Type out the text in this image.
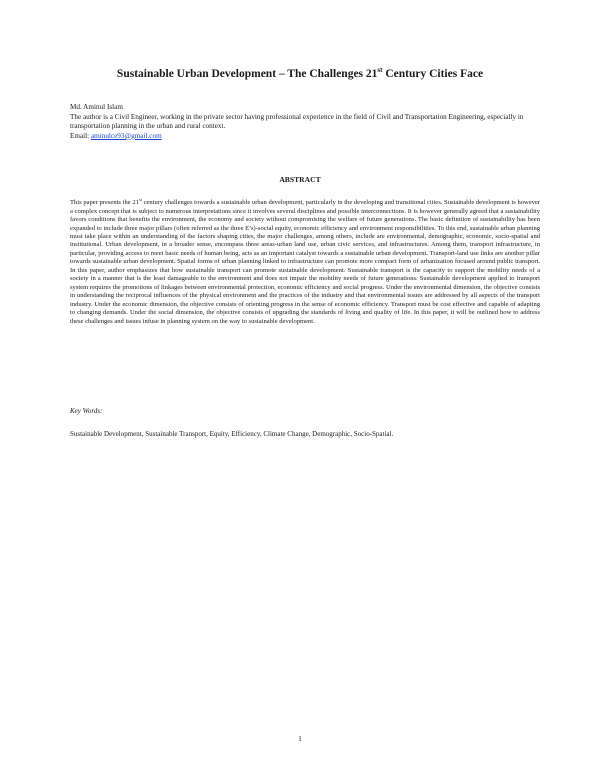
Sustainable Urban Development – The Challenges 21st Century Cities Face

Md. Aminul Islam

The author is a Civil Engineer, working in the private sector having professional experience in the field of Civil and Transportation Engineering, especially in transportation planning in the urban and rural context.

Email: aminulce93@gmail.com

ABSTRACT

This paper presents the 21st century challenges towards a sustainable urban development, particularly in the developing and transitional cities. Sustainable development is however a complex concept that is subject to numerous interpretations since it involves several disciplines and possible interconnections. It is however generally agreed that a sustainability favors conditions that benefits the environment, the economy and society without compromising the welfare of future generations. The basic definition of sustainability has been expanded to include three major pillars (often referred as the three E’s)-social equity, economic efficiency and environment responsibilities. To this end, sustainable urban planning must take place within an understanding of the factors shaping cities, the major challenges, among others, include are environmental, demographic, economic, socio-spatial and institutional. Urban development, in a broader sense, encompass three areas-urban land use, urban civic services, and infrastructures. Among them, transport infrastructure, in particular, providing access to meet basic needs of human being, acts as an important catalyst towards a sustainable urban development. Transport-land use links are another pillar towards sustainable urban development. Spatial forms of urban planning linked to infrastructure can promote more compact form of urbanization focused around public transport. In this paper, author emphasizes that how sustainable transport can promote sustainable development. Sustainable transport is the capacity to support the mobility needs of a society in a manner that is the least damageable to the environment and does not impair the mobility needs of future generations. Sustainable development applied to transport system requires the promotions of linkages between environmental protection, economic efficiency and social progress. Under the environmental dimension, the objective consists in understanding the reciprocal influences of the physical environment and the practices of the industry and that environmental issues are addressed by all aspects of the transport industry. Under the economic dimension, the objective consists of orienting progress in the sense of economic efficiency. Transport must be cost effective and capable of adapting to changing demands. Under the social dimension, the objective consists of upgrading the standards of living and quality of life. In this paper, it will be outlined how to address these challenges and issues infuse in planning system on the way to sustainable development.

Key Words:

Sustainable Development, Sustainable Transport, Equity, Efficiency, Climate Change, Demographic, Socio-Spatial.

1
